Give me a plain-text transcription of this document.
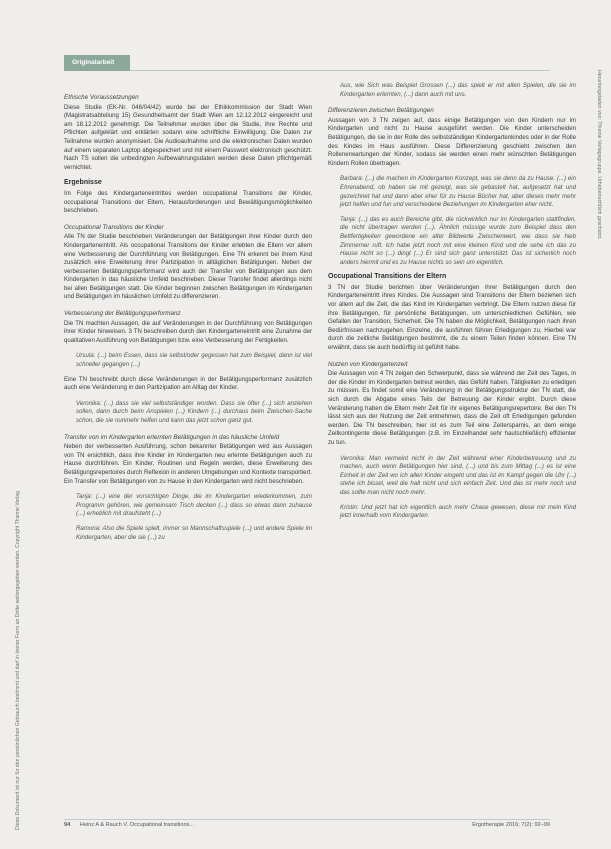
Diese Dokument ist nur für den persönlichen Gebrauch bestimmt und darf in keiner Form an Dritte weitergegeben werden. Copyright Thieme Verlag
Heruntergeladen von: Thieme Verlagsgruppe. Urheberrechtlich geschützt.
Originalarbeit
Ethische Voraussetzungen

Diese Studie (EK-Nr. 046/04/42) wurde bei der Ethikkommission der Stadt Wien (Magistratsabteilung 15) Gesundheitsamt der Stadt Wien am 12.12.2012 eingereicht und am 18.12.2012 genehmigt. Die Teilnehmer wurden über die Studie, ihre Rechte und Pflichten aufgeklärt und erklärten sodann eine schriftliche Einwilligung. Die Daten zur Teilnahme wurden anonymisiert. Die Audioaufnahme und die elektronischen Daten wurden auf einem separaten Laptop abgespeichert und mit einem Passwort elektronisch geschützt. Nach TS sollen die unbedingten Aufbewahrungsdaten werden diese Daten pflichtgemäß vernichtet.

Ergebnisse

Im Folge des Kindergarteneintrittes werden occupational Transitions der Kinder, occupational Transitions der Eltern, Herausforderungen und Bewältigungsmöglichkeiten beschrieben.

Occupational Transitions der Kinder

Alle TN der Studie beschrieben Veränderungen der Betätigungen ihrer Kinder durch den Kindergarteneintritt. Als occupational Transitions der Kinder erlebten die Eltern vor allem eine Verbesserung der Durchführung von Betätigungen. Eine TN erkennt bei ihrem Kind zusätzlich eine Erweiterung ihrer Partizipation in alltäglichen Betätigungen. Neben der verbesserten Betätigungsperformanz wird auch der Transfer von Betätigungen aus dem Kindergarten in das häusliche Umfeld beschrieben. Dieser Transfer findet allerdings nicht bei allen Betätigungen statt. Die Kinder beginnen zwischen Betätigungen im Kindergarten und Betätigungen im häuslichen Umfeld zu differenzieren.

Verbesserung der Betätigungsperformanz

Die TN machten Aussagen, die auf Veränderungen in der Durchführung von Betätigungen ihrer Kinder hinweisen. 3 TN beschreiben durch den Kindergarteneintritt eine Zunahme der qualitativen Ausführung von Betätigungen bzw. eine Verbesserung der Fertigkeiten.

Ursula: (...) beim Essen, dass sie selbst/oder gegessen hat zum Beispiel, dann ist viel schneller gegangen (...)

Eine TN beschreibt durch diese Veränderungen in der Betätigungsperformanz zusätzlich auch eine Veränderung in den Partizipation am Alltag der Kinder.

Veronika: (...) dass sie viel selbstständiger worden. Dass sie öfter (...) sich anziehen sollen, dann durch beim Anspielen (...) Kindern (...) durchaus beim Zwischen-Sache schon, die sie nunmehr helfen und kann das jetzt schon ganz gut.

Transfer von im Kindergarten erlernten Betätigungen in das häusliche Umfeld

Neben der verbesserten Ausführung, schon bekannter Betätigungen wird aus Aussagen von TN ersichtlich, dass ihre Kinder im Kindergarten neu erlernte Betätigungen auch zu Hause durchführen. Ein Kinder, Routinen und Regeln werden, diese Erweiterung des Betätigungsrepertoires durch Reflexion in anderen Umgebungen und Kontexte transportiert. Ein Transfer von Betätigungen von zu Hause in den Kindergarten wird nicht beschrieben.

Tanja: (...) eine der vorsichtigen Dinge, die im Kindergarten wiederkommen, zum Programm gehören, wie gemeinsam Tisch decken (...) dass so etwas dann zuhause (...) erheblich mit draufsteht (...)

Ramona: Also die Spiele spielt, immer so Mannschaftsspiele (...) und andere Spiele im Kindergarten, aber die sie (...) zu

Aus, wie Sich was Beispiel Grossen (...) das spielt er mit allen Spielen, die sie im Kindergarten erlernten, (...) dann auch mit uns.

Differenzieren zwischen Betätigungen

Aussagen von 3 TN zeigen auf, dass einige Betätigungen von den Kindern nur im Kindergarten und nicht zu Hause ausgeführt werden. Die Kinder unterscheiden Betätigungen, die sie in der Rolle des selbstständigen Kindergartenkindes oder in der Rolle des Kindes im Haus ausführen. Diese Differenzierung geschieht zwischen den Rollenerwartungen der Kinder, sodass sie werden einen mehr wünschten Betätigungen Kindern Rollen übertragen.

Barbara: (...) die machen im Kindergarten Konzept, was sie denn da zu Hause. (...) ein Ehrenabend, ob haben sie mit gezeigt, was sie gebastelt hat, aufgesetzt hat und gezeichnet hat und dann aber eher für zu Hause Bücher hat, aber dieses mehr mehr jetzt helfen und fun und verschiedene Beziehungen im Kindergarten eher nicht.

Tanja: (...) das es auch Bereiche gibt, die rückwirklich nur im Kindergarten stattfinden, die nicht übertragen werden (...). Ähnlich müssige wurde zum Beispiel dass den Bettfertigkeiten gewordene ein alter Bildwerte Zwischenwert, wie dass sie hieb Zimmerner ruft. Ich habe jetzt noch mit eine kleinen Kind und die sehe ich das zu Hause nicht so (...) dingt (...) Er sind sich ganz unterstützt. Das ist sicherlich noch anders hiermit und es zu Hause nichts so sein um eigentlich.

Occupational Transitions der Eltern

3 TN der Studie berichten über Veränderungen ihrer Betätigungen durch den Kindergarteneintritt ihres Kindes. Die Aussagen sind Transitions der Eltern beziehen sich vor allem auf die Zeit, die das Kind im Kindergarten verbringt. Die Eltern nutzen diese für ihre Betätigungen, für persönliche Betätigungen, um unterschiedlichen Gefühlen, wie Gefallen der Transition, Sicherheit. Die TN haben die Möglichkeit, Betätigungen nach ihren Bedürfnissen nachzugehen. Einzelne, die ausführen führen Erledigungen zu, Hierbei war durch die zeitliche Betätigungen bestimmt, die zu einem Teilen finden können. Eine TN erwähnt, dass sie auch bedürftig ist gefühlt habe.

Nutzen von Kindergartenzeit

Die Aussagen von 4 TN zeigen den Schwerpunkt, dass sie während der Zeit des Tages, in der die Kinder im Kindergarten betreut werden, das Gefühl haben, Tätigkeiten zu erledigen zu müssen. Es findet somit eine Veränderung in der Betätigungsstruktur der TN statt, die sich durch die Abgabe eines Teils der Betreuung der Kinder ergibt. Durch diese Veränderung haben die Eltern mehr Zeit für ihr eigenes Betätigungsrepertoire. Bei den TN lässt sich aus der Nutzung der Zeit entnehmen, dass die Zeit oft Erledigungen gefunden werden. Die TN beschreiben, hier ist es zum Teil eine Zeitersparnis, an dem einige Zeitkontingente diese Betätigungen (z.B. im Einzelhandel sehr hautschließlich) effizienter zu tun.

Veronika: Man vermeint nicht in der Zeit während einer Kinderbetreuung und zu machen, auch wenn Betätigungen hier sind, (...) und bis zum Mittag (...) es ist eine Einheit in der Zeit wo ich allen Kinder eingeht und das ist im Kampf gegen die Uhr (...) stehe ich bissel, weil die halt nicht und sich einfach Zeit. Und das ist mehr noch und das sollte man nicht noch mehr.

Kristin: Und jetzt hat ich eigentlich auch mehr Chase gewesen, diese mir mein Kind jetzt innerhalb vom Kindergarten

94 Heinz A & Rauch V. Occupational transitions...	Ergotherapie 2016; 7(2): 92–99
